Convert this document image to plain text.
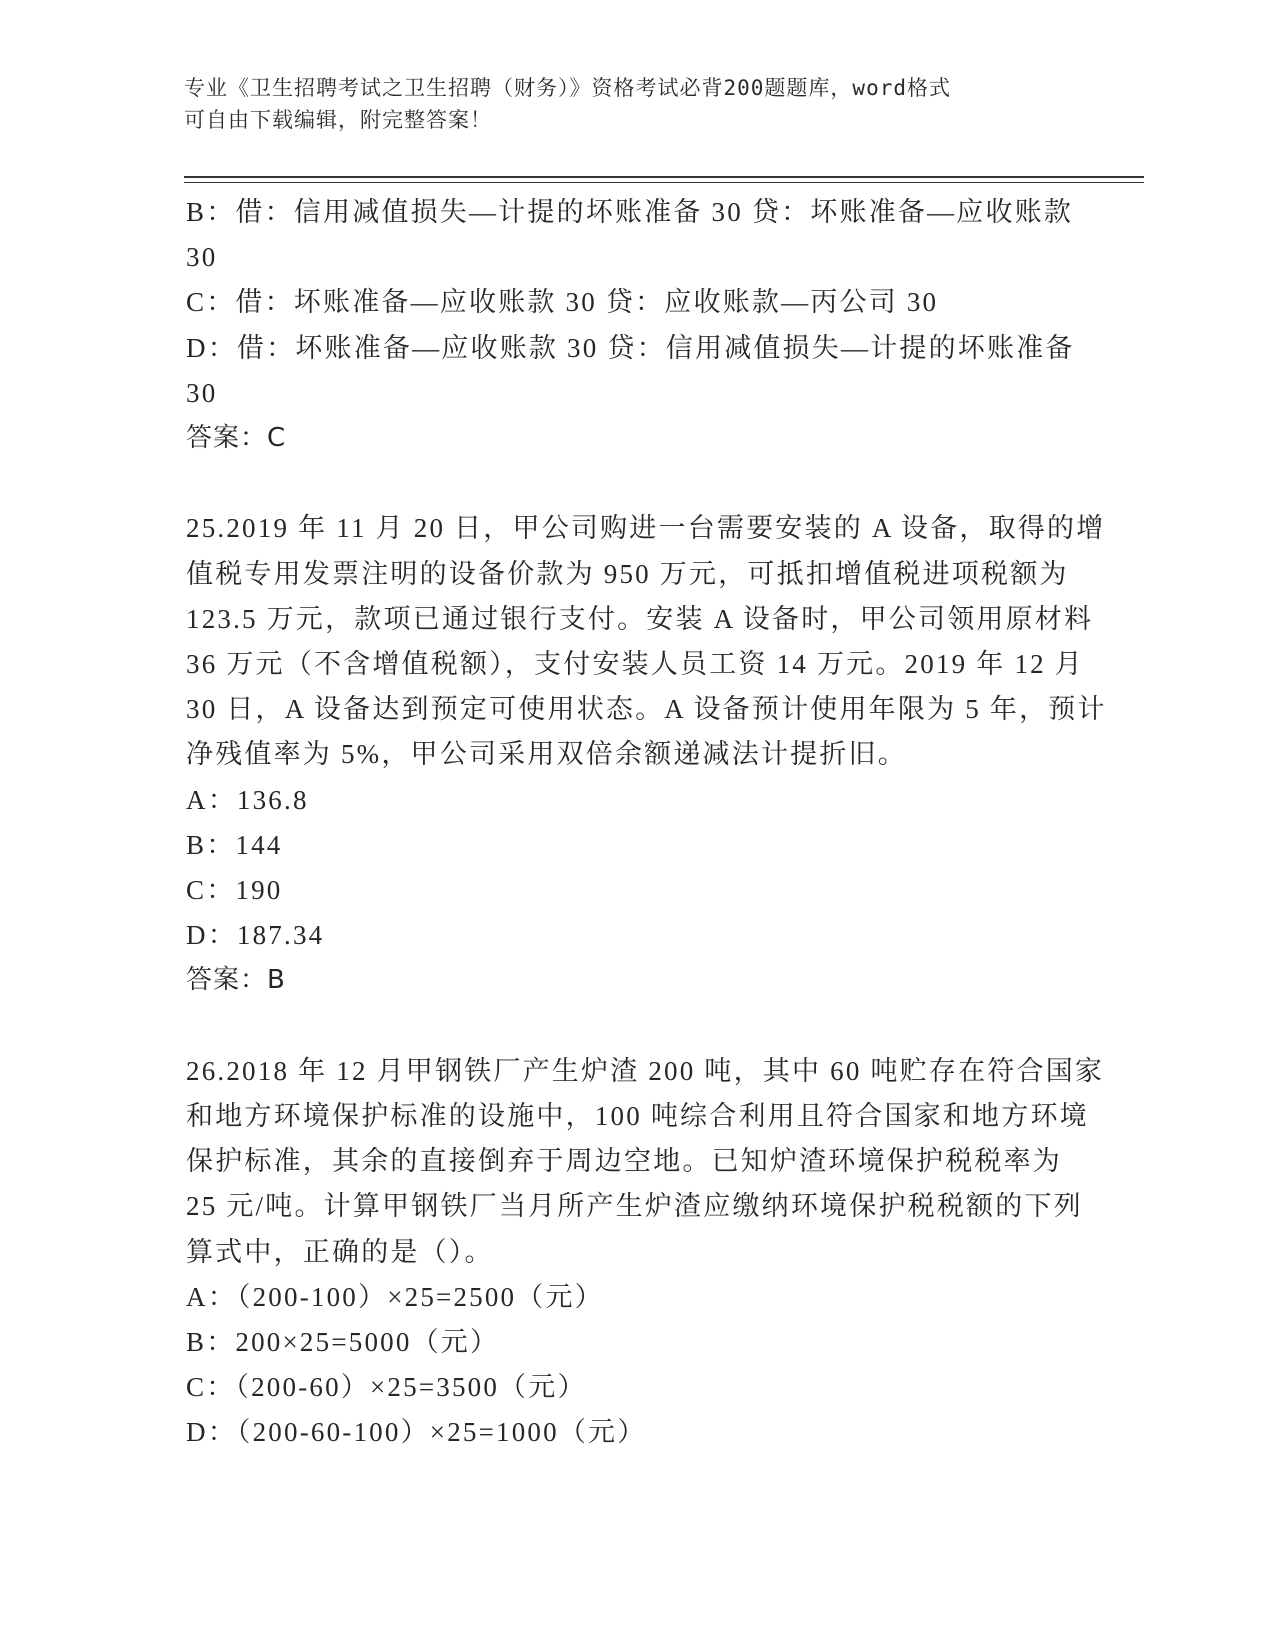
专业《卫生招聘考试之卫生招聘（财务）》资格考试必背200题题库，word格式

可自由下载编辑，附完整答案！

B：借：信用减值损失—计提的坏账准备 30 贷：坏账准备—应收账款

30

C：借：坏账准备—应收账款 30 贷：应收账款—丙公司 30

D：借：坏账准备—应收账款 30 贷：信用减值损失—计提的坏账准备

30

答案：C

25.2019 年 11 月 20 日，甲公司购进一台需要安装的 A 设备，取得的增

值税专用发票注明的设备价款为 950 万元，可抵扣增值税进项税额为

123.5 万元，款项已通过银行支付。安装 A 设备时，甲公司领用原材料

36 万元（不含增值税额），支付安装人员工资 14 万元。2019 年 12 月

30 日，A 设备达到预定可使用状态。A 设备预计使用年限为 5 年，预计

净残值率为 5%，甲公司采用双倍余额递减法计提折旧。

A：136.8

B：144

C：190

D：187.34

答案：B

26.2018 年 12 月甲钢铁厂产生炉渣 200 吨，其中 60 吨贮存在符合国家

和地方环境保护标准的设施中，100 吨综合利用且符合国家和地方环境

保护标准，其余的直接倒弃于周边空地。已知炉渣环境保护税税率为

25 元/吨。计算甲钢铁厂当月所产生炉渣应缴纳环境保护税税额的下列

算式中，正确的是（）。

A：（200-100）×25=2500（元）

B：200×25=5000（元）

C：（200-60）×25=3500（元）

D：（200-60-100）×25=1000（元）
